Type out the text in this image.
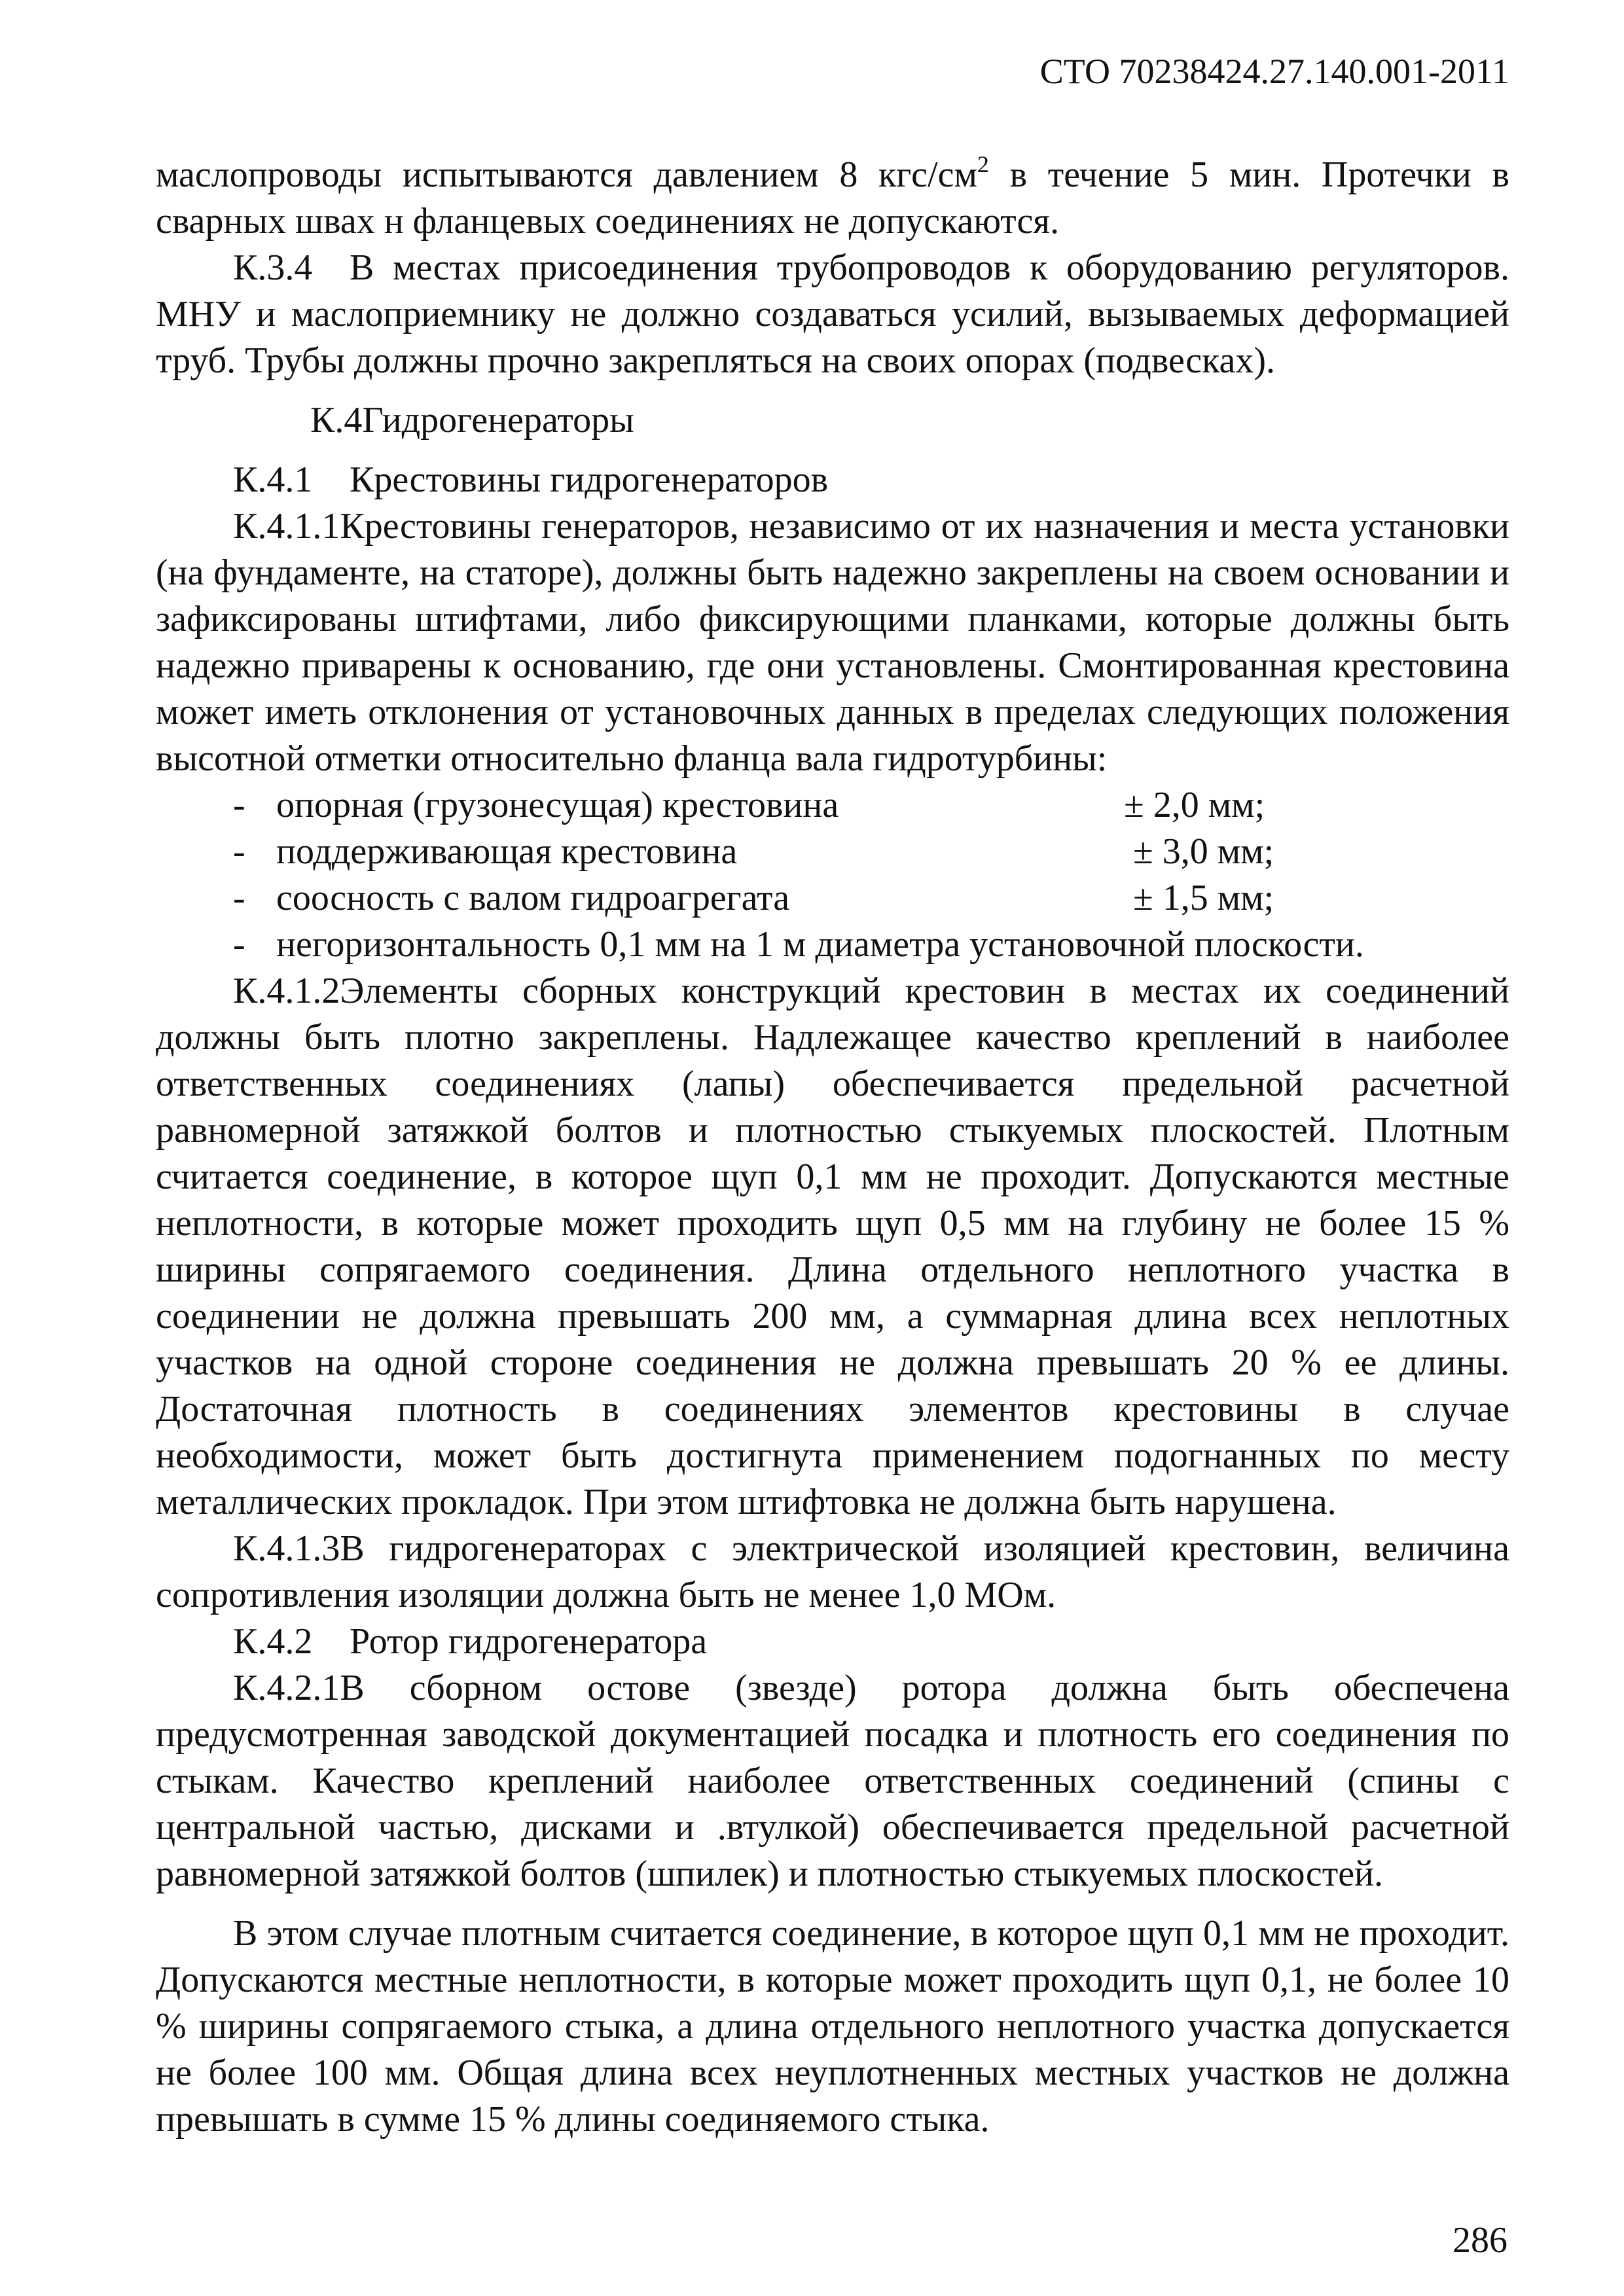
СТО 70238424.27.140.001-2011

маслопроводы испытываются давлением 8 кгс/$см^2$ в течение 5 мин. Протечки в сварных швах н фланцевых соединениях не допускаются.

К.3.4 В местах присоединения трубопроводов к оборудованию регуляторов. МНУ и маслоприемнику не должно создаваться усилий, вызываемых деформацией труб. Трубы должны прочно закрепляться на своих опорах (подвесках).

К.4Гидрогенераторы

К.4.1 Крестовины гидрогенераторов

К.4.1.1Крестовины генераторов, независимо от их назначения и места установки (на фундаменте, на статоре), должны быть надежно закреплены на своем основании и зафиксированы штифтами, либо фиксирующими планками, которые должны быть надежно приварены к основанию, где они установлены. Смонтированная крестовина может иметь отклонения от установочных данных в пределах следующих положения высотной отметки относительно фланца вала гидротурбины:

- опорная (грузонесущая) крестовина	± 2,0 мм;
- поддерживающая крестовина	± 3,0 мм;
- соосность с валом гидроагрегата	± 1,5 мм;
- негоризонтальность 0,1 мм на 1 м диаметра установочной плоскости.

К.4.1.2Элементы сборных конструкций крестовин в местах их соединений должны быть плотно закреплены. Надлежащее качество креплений в наиболее ответственных соединениях (лапы) обеспечивается предельной расчетной равномерной затяжкой болтов и плотностью стыкуемых плоскостей. Плотным считается соединение, в которое щуп 0,1 мм не проходит. Допускаются местные неплотности, в которые может проходить щуп 0,5 мм на глубину не более 15 % ширины сопрягаемого соединения. Длина отдельного неплотного участка в соединении не должна превышать 200 мм, а суммарная длина всех неплотных участков на одной стороне соединения не должна превышать 20 % ее длины. Достаточная плотность в соединениях элементов крестовины в случае необходимости, может быть достигнута применением подогнанных по месту металлических прокладок. При этом штифтовка не должна быть нарушена.

К.4.1.3В гидрогенераторах с электрической изоляцией крестовин, величина сопротивления изоляции должна быть не менее 1,0 МОм.

К.4.2 Ротор гидрогенератора

К.4.2.1В сборном остове (звезде) ротора должна быть обеспечена предусмотренная заводской документацией посадка и плотность его соединения по стыкам. Качество креплений наиболее ответственных соединений (спины с центральной частью, дисками и .втулкой) обеспечивается предельной расчетной равномерной затяжкой болтов (шпилек) и плотностью стыкуемых плоскостей.

В этом случае плотным считается соединение, в которое щуп 0,1 мм не проходит. Допускаются местные неплотности, в которые может проходить щуп 0,1, не более 10 % ширины сопрягаемого стыка, а длина отдельного неплотного участка допускается не более 100 мм. Общая длина всех неуплотненных местных участков не должна превышать в сумме 15 % длины соединяемого стыка.

286
